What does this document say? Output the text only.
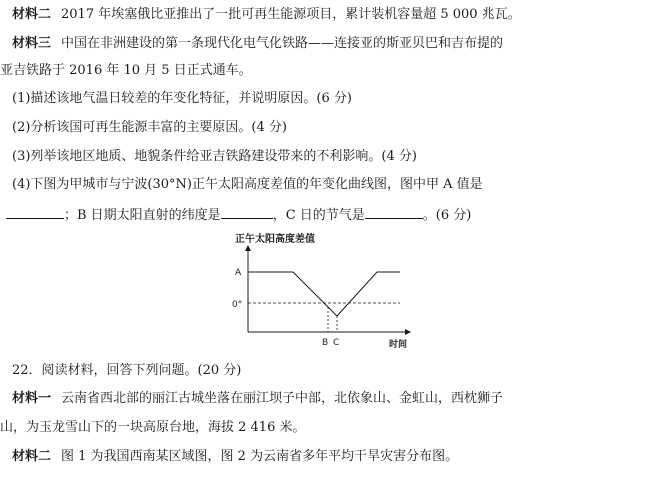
材料二 2017 年埃塞俄比亚推出了一批可再生能源项目，累计装机容量超 5 000 兆瓦。
材料三 中国在非洲建设的第一条现代化电气化铁路——连接亚的斯亚贝巴和吉布提的
亚吉铁路于 2016 年 10 月 5 日正式通车。
(1)描述该地气温日较差的年变化特征，并说明原因。(6 分)
(2)分析该国可再生能源丰富的主要原因。(4 分)
(3)列举该地区地质、地貌条件给亚吉铁路建设带来的不利影响。(4 分)
(4)下图为甲城市与宁波(30°N)正午太阳高度差值的年变化曲线图，图中甲 A 值是
；B 日期太阳直射的纬度是	，C 日的节气是	。(6 分)
正午太阳高度差值
A
0°
B C	时间
22．阅读材料，回答下列问题。(20 分)
材料一 云南省西北部的丽江古城坐落在丽江坝子中部，北依象山、金虹山，西枕狮子
山，为玉龙雪山下的一块高原台地，海拔 2 416 米。
材料二 图 1 为我国西南某区域图，图 2 为云南省多年平均干旱灾害分布图。
